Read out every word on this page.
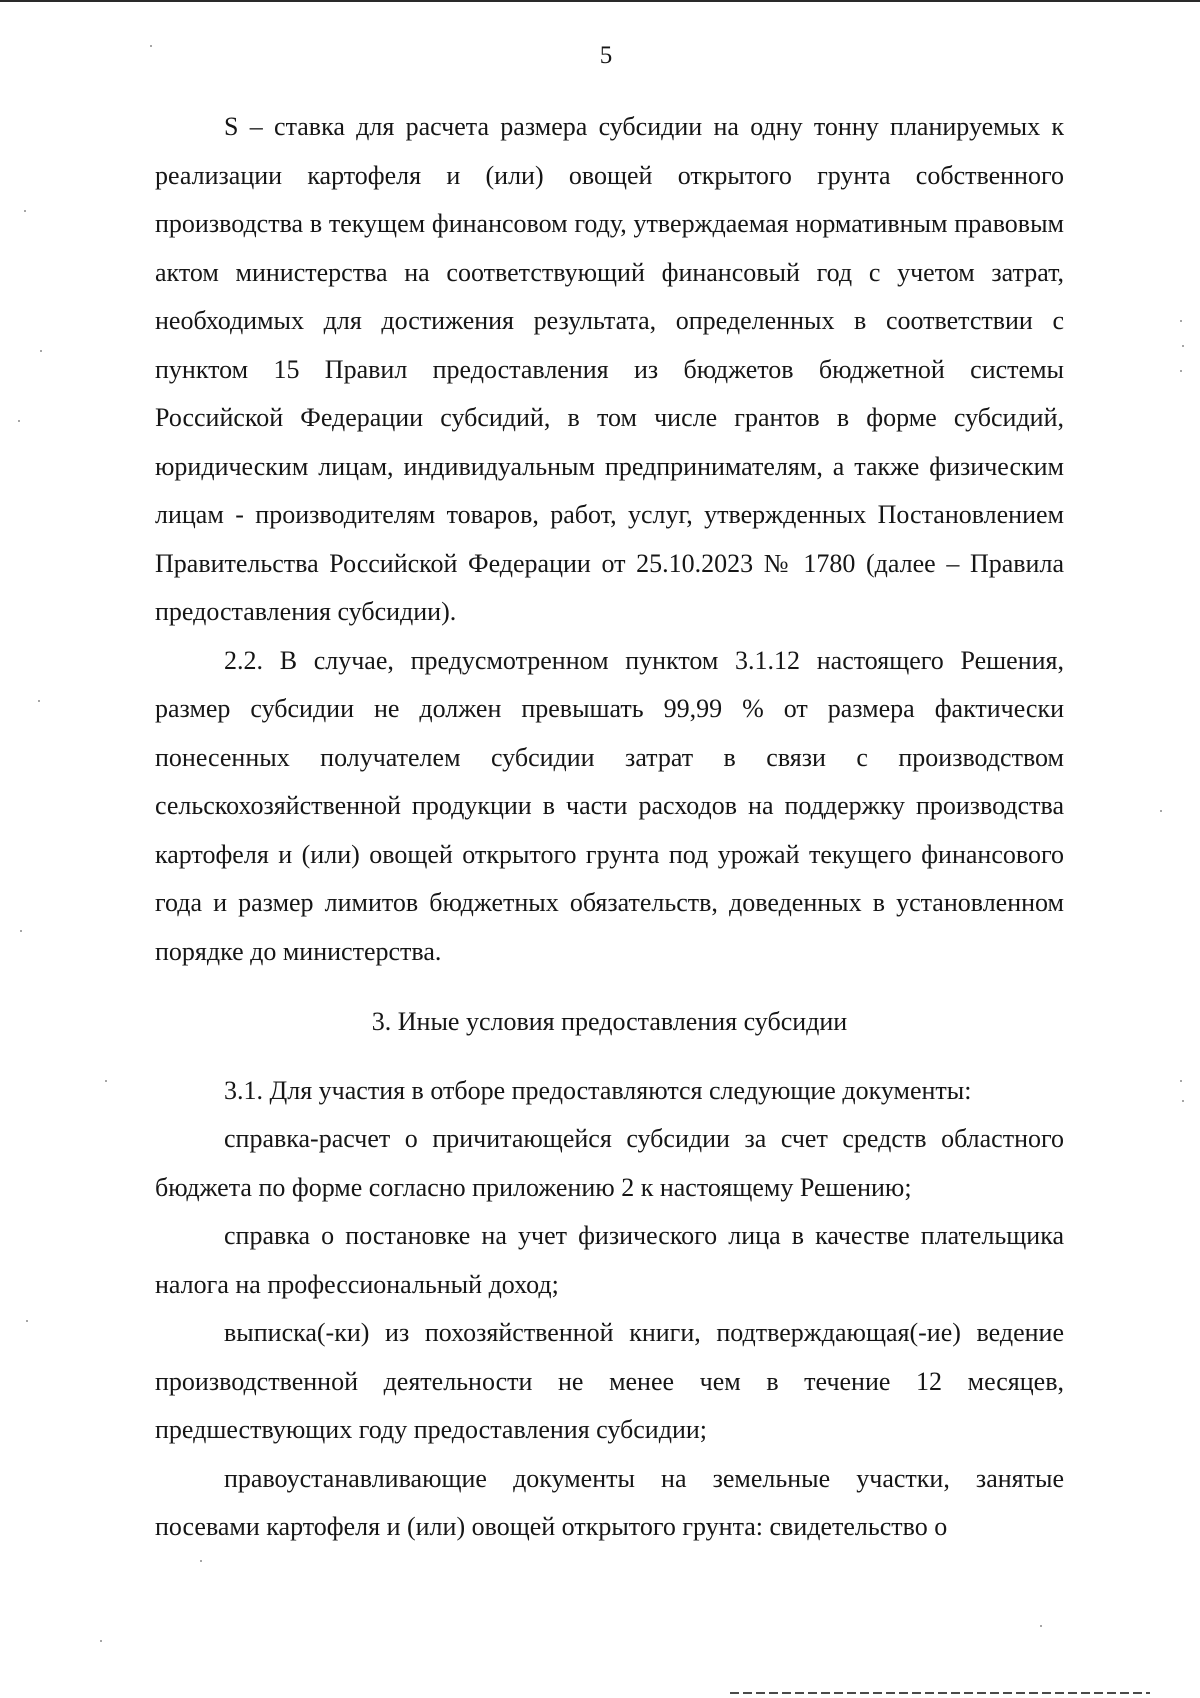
5

S – ставка для расчета размера субсидии на одну тонну планируемых к реализации картофеля и (или) овощей открытого грунта собственного производства в текущем финансовом году, утверждаемая нормативным правовым актом министерства на соответствующий финансовый год с учетом затрат, необходимых для достижения результата, определенных в соответствии с пунктом 15 Правил предоставления из бюджетов бюджетной системы Российской Федерации субсидий, в том числе грантов в форме субсидий, юридическим лицам, индивидуальным предпринимателям, а также физическим лицам - производителям товаров, работ, услуг, утвержденных Постановлением Правительства Российской Федерации от 25.10.2023 № 1780 (далее – Правила предоставления субсидии).

2.2. В случае, предусмотренном пунктом 3.1.12 настоящего Решения, размер субсидии не должен превышать 99,99 % от размера фактически понесенных получателем субсидии затрат в связи с производством сельскохозяйственной продукции в части расходов на поддержку производства картофеля и (или) овощей открытого грунта под урожай текущего финансового года и размер лимитов бюджетных обязательств, доведенных в установленном порядке до министерства.

3. Иные условия предоставления субсидии

3.1. Для участия в отборе предоставляются следующие документы:

справка-расчет о причитающейся субсидии за счет средств областного бюджета по форме согласно приложению 2 к настоящему Решению;

справка о постановке на учет физического лица в качестве плательщика налога на профессиональный доход;

выписка(-ки) из похозяйственной книги, подтверждающая(-ие) ведение производственной деятельности не менее чем в течение 12 месяцев, предшествующих году предоставления субсидии;

правоустанавливающие документы на земельные участки, занятые посевами картофеля и (или) овощей открытого грунта: свидетельство о
